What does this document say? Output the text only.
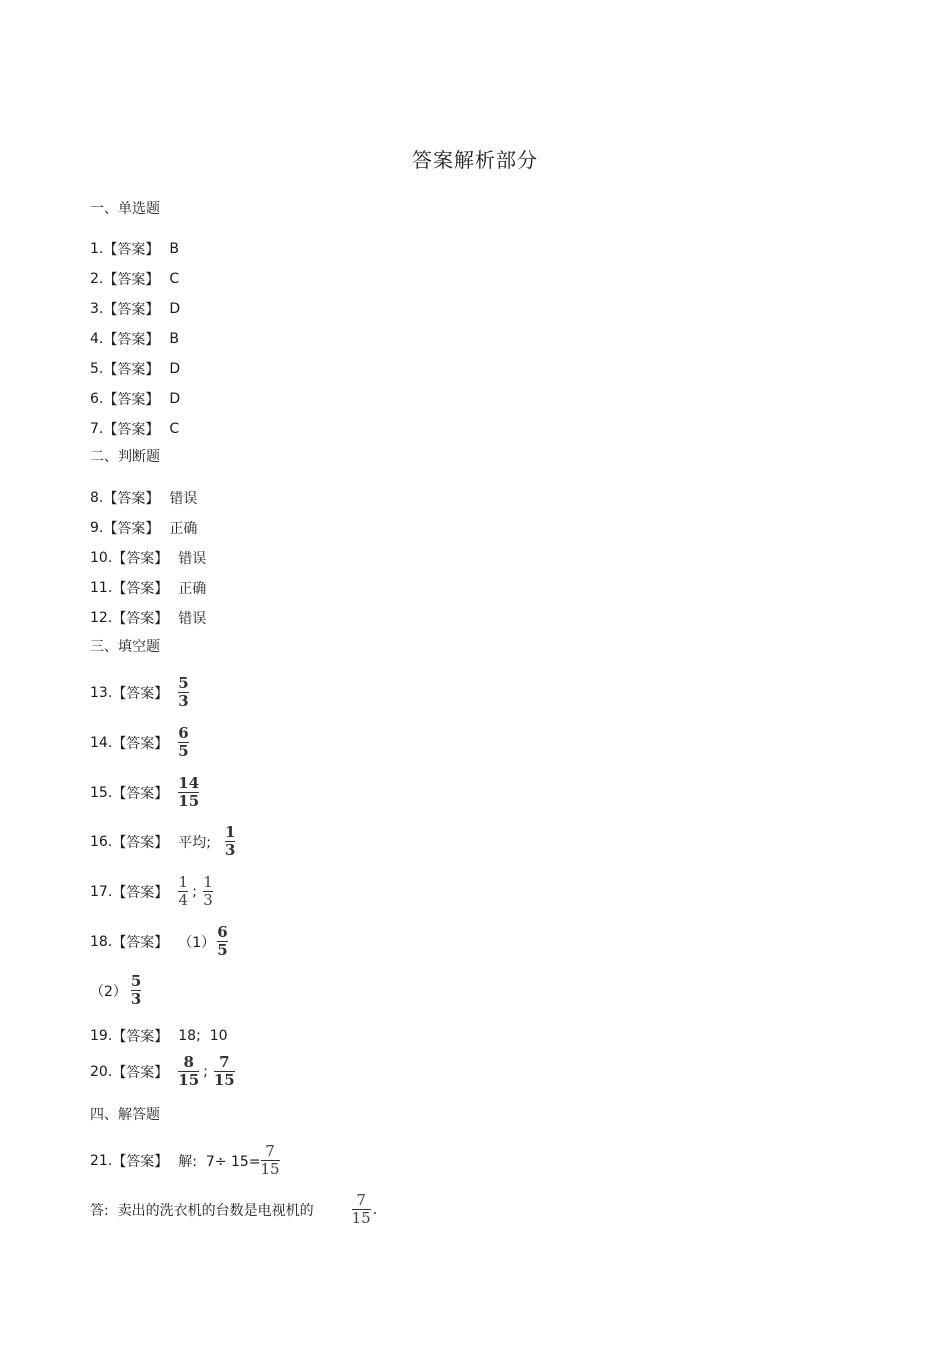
答案解析部分
一、单选题
1. 【答案】 B
2. 【答案】 C
3. 【答案】 D
4. 【答案】 B
5. 【答案】 D
6. 【答案】 D
7. 【答案】 C
二、判断题
8. 【答案】 错误
9. 【答案】 正确
10. 【答案】 错误
11. 【答案】 正确
12. 【答案】 错误
三、填空题
13. 【答案】 $\frac{5}{3}$
14. 【答案】 $\frac{6}{5}$
15. 【答案】 $\frac{14}{15}$
16. 【答案】 平均; $\frac{1}{3}$
17. 【答案】 $\frac{1}{4}$ ; $\frac{1}{3}$
18. 【答案】 $(1) \frac{6}{5}$
$(2) \frac{5}{3}$
19. 【答案】 18;  10
20. 【答案】 $\frac{8}{15}$ ; $\frac{7}{15}$
四、解答题
21. 【答案】 解:  $7\div 15= \frac{7}{15}$
答:  卖出的洗衣机的台数是电视机的	$\frac{7}{15}$ .
